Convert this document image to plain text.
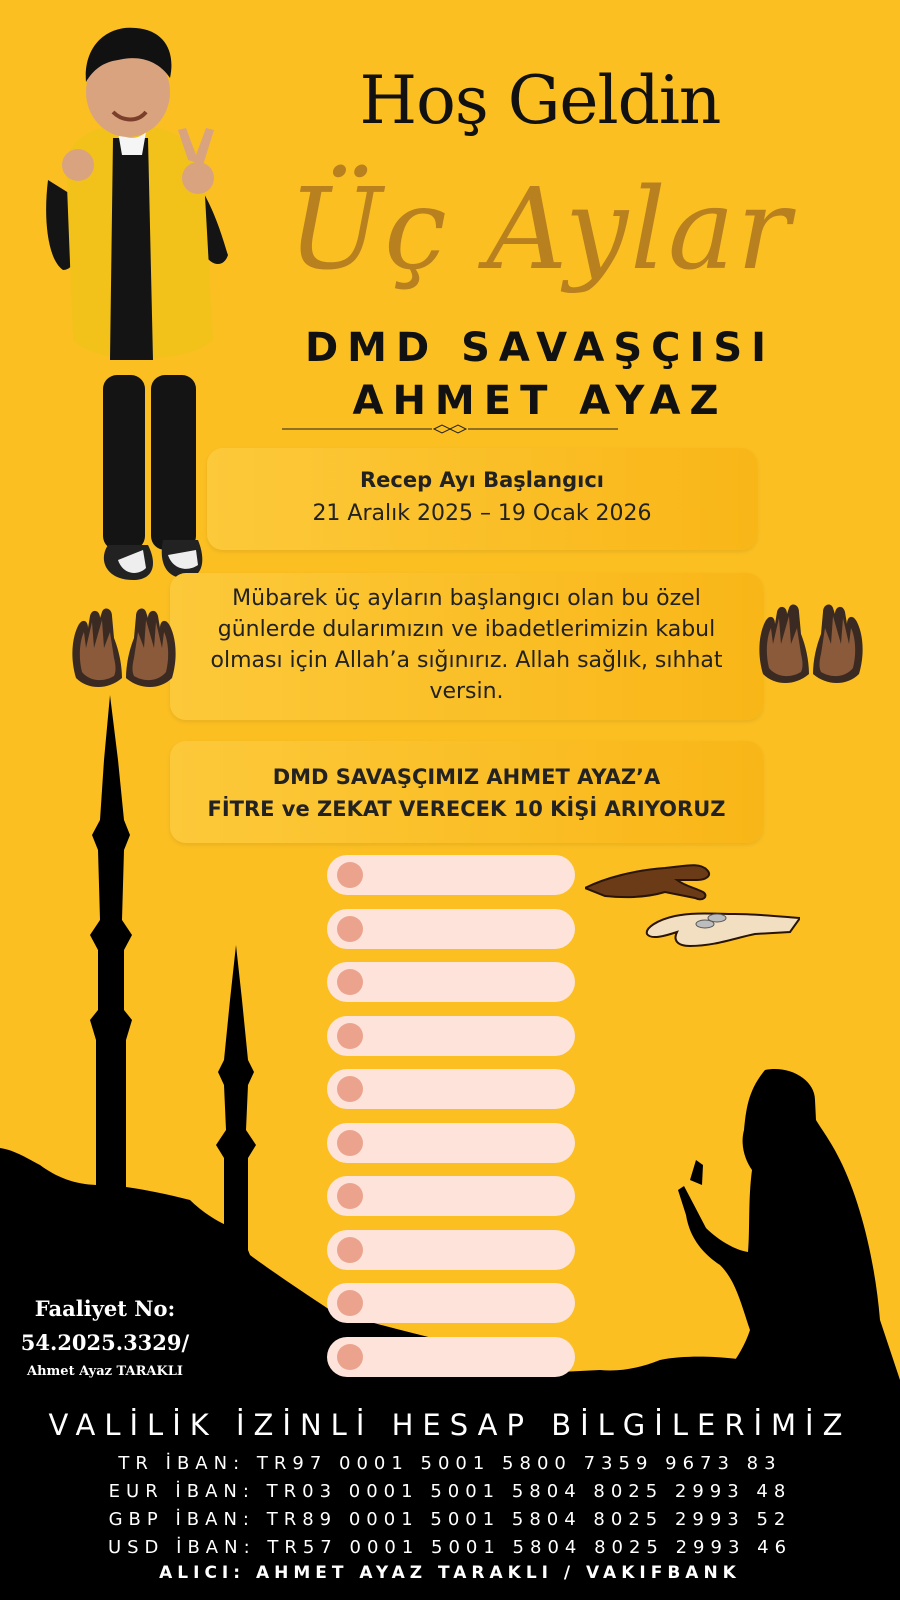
Hoş Geldin
Üç Aylar
DMD SAVAŞÇISI
AHMET AYAZ
Recep Ayı Başlangıcı
21 Aralık 2025 – 19 Ocak 2026
Mübarek üç ayların başlangıcı olan bu özel günlerde dularımızın ve ibadetlerimizin kabul olması için Allah’a sığınırız. Allah sağlık, sıhhat versin.
DMD SAVAŞÇIMIZ AHMET AYAZ’A
FİTRE ve ZEKAT VERECEK 10 KİŞİ ARIYORUZ
Faaliyet No:
54.2025.3329/
Ahmet Ayaz TARAKLI
VALİLİK İZİNLİ HESAP BİLGİLERİMİZ
TR İBAN: TR97 0001 5001 5800 7359 9673 83
EUR İBAN: TR03 0001 5001 5804 8025 2993 48
GBP İBAN: TR89 0001 5001 5804 8025 2993 52
USD İBAN: TR57 0001 5001 5804 8025 2993 46
ALICI: AHMET AYAZ TARAKLI / VAKIFBANK
